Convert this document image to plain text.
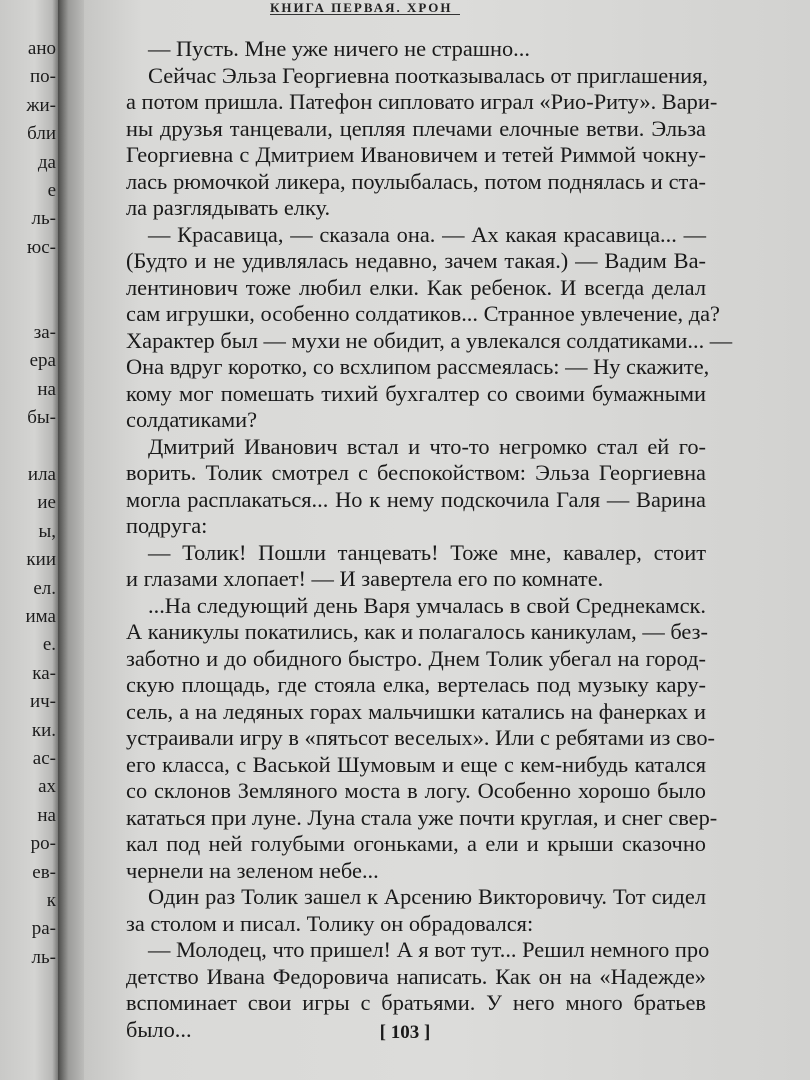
ано
по-
жи-
бли
да
е
ль-
юс-
за-
ера
на
бы-
ила
ие
ы,
кии
ел.
има
е.
ка-
ич-
ки.
ас-
ах
на
ро-
ев-
к
ра-
ль-
КНИГА ПЕРВАЯ. ХРОН
— Пусть. Мне уже ничего не страшно...
Сейчас Эльза Георгиевна поотказывалась от приглашения,
а потом пришла. Патефон сипловато играл «Рио-Риту». Вари-
ны друзья танцевали, цепляя плечами елочные ветви. Эльза
Георгиевна с Дмитрием Ивановичем и тетей Риммой чокну-
лась рюмочкой ликера, поулыбалась, потом поднялась и ста-
ла разглядывать елку.
— Красавица, — сказала она. — Ах какая красавица... —
(Будто и не удивлялась недавно, зачем такая.) — Вадим Ва-
лентинович тоже любил елки. Как ребенок. И всегда делал
сам игрушки, особенно солдатиков... Странное увлечение, да?
Характер был — мухи не обидит, а увлекался солдатиками... —
Она вдруг коротко, со всхлипом рассмеялась: — Ну скажите,
кому мог помешать тихий бухгалтер со своими бумажными
солдатиками?
Дмитрий Иванович встал и что-то негромко стал ей го-
ворить. Толик смотрел с беспокойством: Эльза Георгиевна
могла расплакаться... Но к нему подскочила Галя — Варина
подруга:
— Толик! Пошли танцевать! Тоже мне, кавалер, стоит
и глазами хлопает! — И завертела его по комнате.
...На следующий день Варя умчалась в свой Среднекамск.
А каникулы покатились, как и полагалось каникулам, — без-
заботно и до обидного быстро. Днем Толик убегал на город-
скую площадь, где стояла елка, вертелась под музыку кару-
сель, а на ледяных горах мальчишки катались на фанерках и
устраивали игру в «пятьсот веселых». Или с ребятами из сво-
его класса, с Васькой Шумовым и еще с кем-нибудь катался
со склонов Земляного моста в логу. Особенно хорошо было
кататься при луне. Луна стала уже почти круглая, и снег свер-
кал под ней голубыми огоньками, а ели и крыши сказочно
чернели на зеленом небе...
Один раз Толик зашел к Арсению Викторовичу. Тот сидел
за столом и писал. Толику он обрадовался:
— Молодец, что пришел! А я вот тут... Решил немного про
детство Ивана Федоровича написать. Как он на «Надежде»
вспоминает свои игры с братьями. У него много братьев
было...	[ 103 ]
